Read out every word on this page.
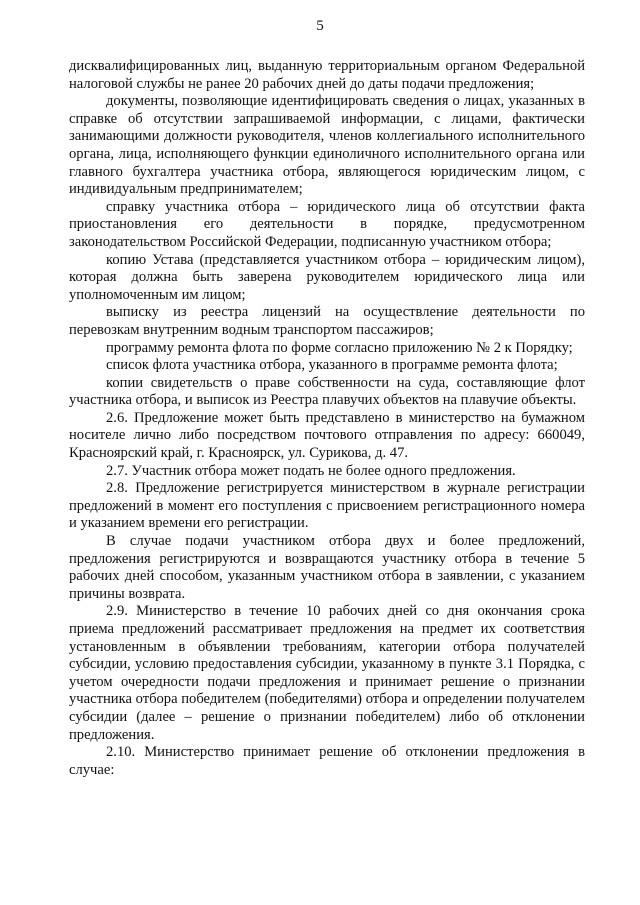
5

дисквалифицированных лиц, выданную территориальным органом Федеральной налоговой службы не ранее 20 рабочих дней до даты подачи предложения;

документы, позволяющие идентифицировать сведения о лицах, указанных в справке об отсутствии запрашиваемой информации, с лицами, фактически занимающими должности руководителя, членов коллегиального исполнительного органа, лица, исполняющего функции единоличного исполнительного органа или главного бухгалтера участника отбора, являющегося юридическим лицом, с индивидуальным предпринимателем;

справку участника отбора – юридического лица об отсутствии факта приостановления его деятельности в порядке, предусмотренном законодательством Российской Федерации, подписанную участником отбора;

копию Устава (представляется участником отбора – юридическим лицом), которая должна быть заверена руководителем юридического лица или уполномоченным им лицом;

выписку из реестра лицензий на осуществление деятельности по перевозкам внутренним водным транспортом пассажиров;

программу ремонта флота по форме согласно приложению № 2 к Порядку;

список флота участника отбора, указанного в программе ремонта флота;

копии свидетельств о праве собственности на суда, составляющие флот участника отбора, и выписок из Реестра плавучих объектов на плавучие объекты.

2.6. Предложение может быть представлено в министерство на бумажном носителе лично либо посредством почтового отправления по адресу: 660049, Красноярский край, г. Красноярск, ул. Сурикова, д. 47.

2.7. Участник отбора может подать не более одного предложения.

2.8. Предложение регистрируется министерством в журнале регистрации предложений в момент его поступления с присвоением регистрационного номера и указанием времени его регистрации.

В случае подачи участником отбора двух и более предложений, предложения регистрируются и возвращаются участнику отбора в течение 5 рабочих дней способом, указанным участником отбора в заявлении, с указанием причины возврата.

2.9. Министерство в течение 10 рабочих дней со дня окончания срока приема предложений рассматривает предложения на предмет их соответствия установленным в объявлении требованиям, категории отбора получателей субсидии, условию предоставления субсидии, указанному в пункте 3.1 Порядка, с учетом очередности подачи предложения и принимает решение о признании участника отбора победителем (победителями) отбора и определении получателем субсидии (далее – решение о признании победителем) либо об отклонении предложения.

2.10. Министерство принимает решение об отклонении предложения в случае:
